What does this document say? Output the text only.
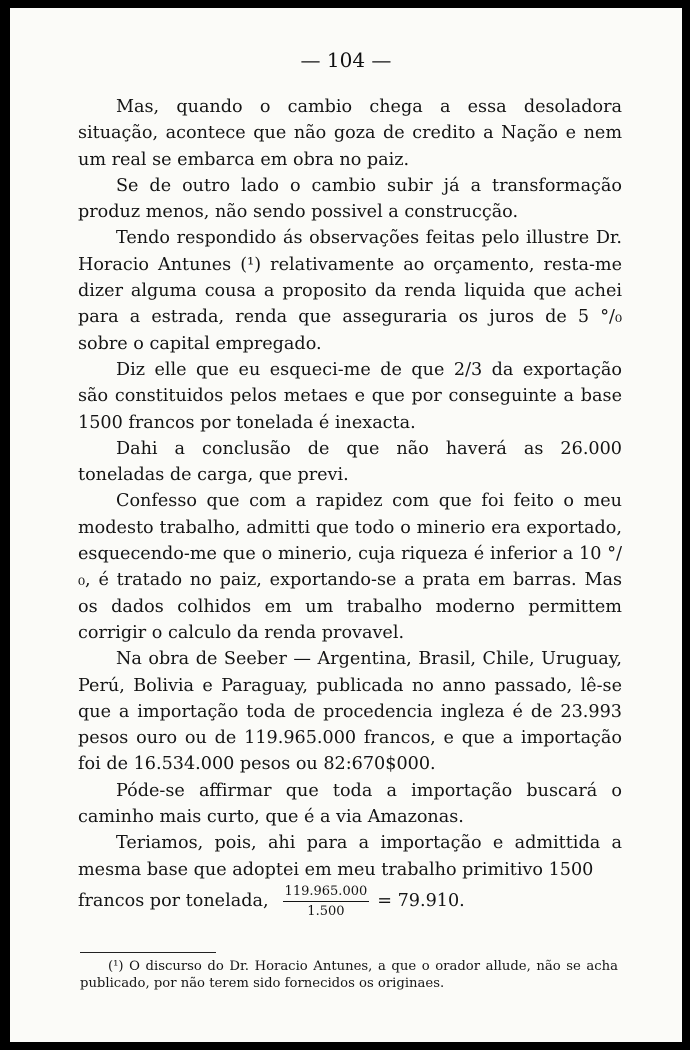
— 104 —

Mas, quando o cambio chega a essa desoladora situação, acontece que não goza de credito a Nação e nem um real se embarca em obra no paiz.

Se de outro lado o cambio subir já a transformação produz menos, não sendo possivel a construcção.

Tendo respondido ás observações feitas pelo illustre Dr. Horacio Antunes (¹) relativamente ao orçamento, resta-me dizer alguma cousa a proposito da renda liquida que achei para a estrada, renda que asseguraria os juros de 5 °/₀ sobre o capital empregado.

Diz elle que eu esqueci-me de que 2/3 da exportação são constituidos pelos metaes e que por conseguinte a base 1500 francos por tonelada é inexacta.

Dahi a conclusão de que não haverá as 26.000 toneladas de carga, que previ.

Confesso que com a rapidez com que foi feito o meu modesto trabalho, admitti que todo o minerio era exportado, esquecendo-me que o minerio, cuja riqueza é inferior a 10 °/₀, é tratado no paiz, exportando-se a prata em barras. Mas os dados colhidos em um trabalho moderno permittem corrigir o calculo da renda provavel.

Na obra de Seeber — Argentina, Brasil, Chile, Uruguay, Perú, Bolivia e Paraguay, publicada no anno passado, lê-se que a importação toda de procedencia ingleza é de 23.993 pesos ouro ou de 119.965.000 francos, e que a importação foi de 16.534.000 pesos ou 82:670$000.

Póde-se affirmar que toda a importação buscará o caminho mais curto, que é a via Amazonas.

Teriamos, pois, ahi para a importação e admittida a mesma base que adoptei em meu trabalho primitivo 1500

francos por tonelada, $\frac{119.965.000}{1.500} = 79.910$.
(¹) O discurso do Dr. Horacio Antunes, a que o orador allude, não se acha publicado, por não terem sido fornecidos os originaes.
